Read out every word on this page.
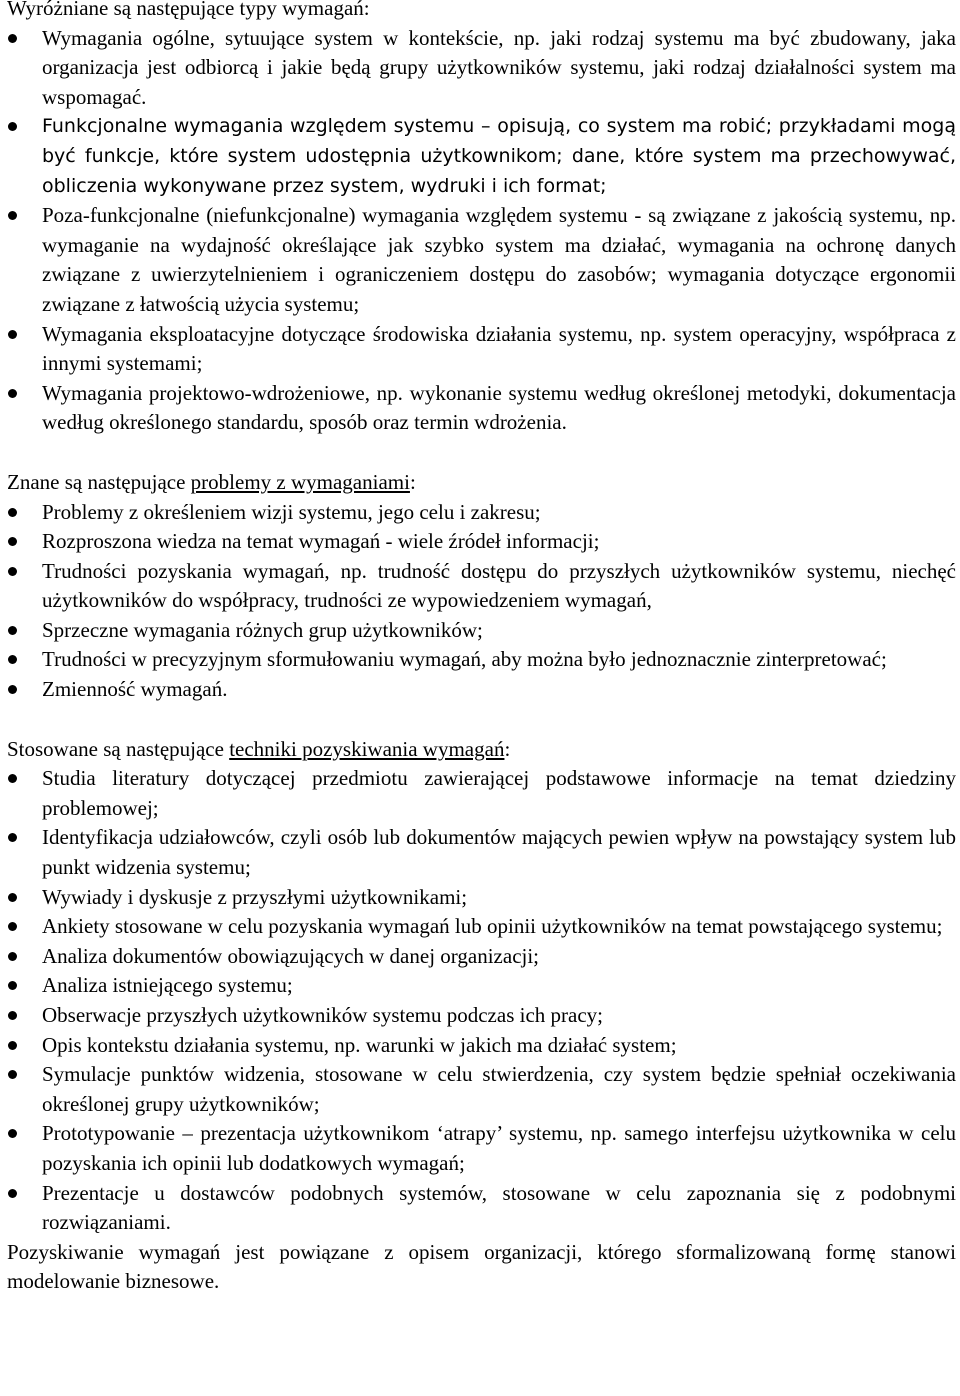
Wyróżniane są następujące typy wymagań:

Wymagania ogólne, sytuujące system w kontekście, np. jaki rodzaj systemu ma być zbudowany, jaka organizacja jest odbiorcą i jakie będą grupy użytkowników systemu, jaki rodzaj działalności system ma wspomagać.
Funkcjonalne wymagania względem systemu – opisują, co system ma robić; przykładami mogą być funkcje, które system udostępnia użytkownikom; dane, które system ma przechowywać, obliczenia wykonywane przez system, wydruki i ich format;
Poza-funkcjonalne (niefunkcjonalne) wymagania względem systemu - są związane z jakością systemu, np. wymaganie na wydajność określające jak szybko system ma działać, wymagania na ochronę danych związane z uwierzytelnieniem i ograniczeniem dostępu do zasobów; wymagania dotyczące ergonomii związane z łatwością użycia systemu;
Wymagania eksploatacyjne dotyczące środowiska działania systemu, np. system operacyjny, współpraca z innymi systemami;
Wymagania projektowo-wdrożeniowe, np. wykonanie systemu według określonej metodyki, dokumentacja według określonego standardu, sposób oraz termin wdrożenia.

Znane są następujące problemy z wymaganiami:

Problemy z określeniem wizji systemu, jego celu i zakresu;
Rozproszona wiedza na temat wymagań - wiele źródeł informacji;
Trudności pozyskania wymagań, np. trudność dostępu do przyszłych użytkowników systemu, niechęć użytkowników do współpracy, trudności ze wypowiedzeniem wymagań,
Sprzeczne wymagania różnych grup użytkowników;
Trudności w precyzyjnym sformułowaniu wymagań, aby można było jednoznacznie zinterpretować;
Zmienność wymagań.

Stosowane są następujące techniki pozyskiwania wymagań:

Studia literatury dotyczącej przedmiotu zawierającej podstawowe informacje na temat dziedziny problemowej;
Identyfikacja udziałowców, czyli osób lub dokumentów mających pewien wpływ na powstający system lub punkt widzenia systemu;
Wywiady i dyskusje z przyszłymi użytkownikami;
Ankiety stosowane w celu pozyskania wymagań lub opinii użytkowników na temat powstającego systemu;
Analiza dokumentów obowiązujących w danej organizacji;
Analiza istniejącego systemu;
Obserwacje przyszłych użytkowników systemu podczas ich pracy;
Opis kontekstu działania systemu, np. warunki w jakich ma działać system;
Symulacje punktów widzenia, stosowane w celu stwierdzenia, czy system będzie spełniał oczekiwania określonej grupy użytkowników;
Prototypowanie – prezentacja użytkownikom ‘atrapy’ systemu, np. samego interfejsu użytkownika w celu pozyskania ich opinii lub dodatkowych wymagań;
Prezentacje u dostawców podobnych systemów, stosowane w celu zapoznania się z podobnymi rozwiązaniami.

Pozyskiwanie wymagań jest powiązane z opisem organizacji, którego sformalizowaną formę stanowi modelowanie biznesowe.
